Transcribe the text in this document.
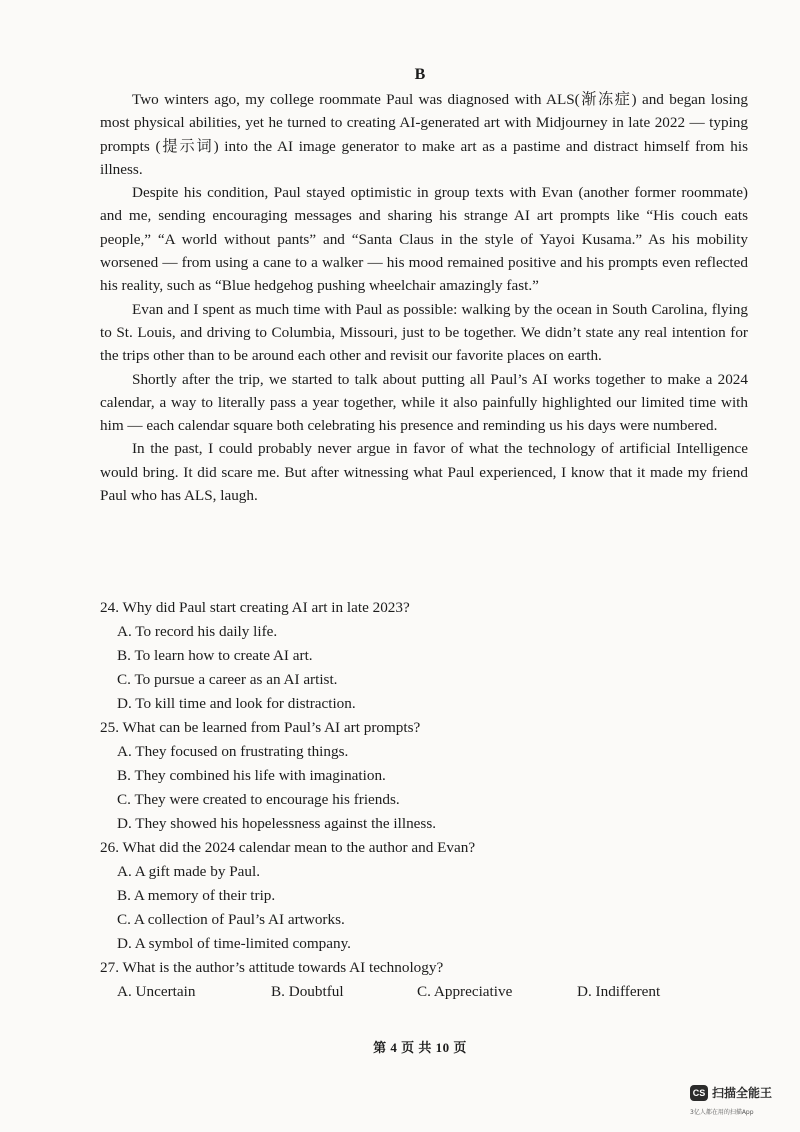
B

Two winters ago, my college roommate Paul was diagnosed with ALS(渐冻症) and began losing most physical abilities, yet he turned to creating AI-generated art with Midjourney in late 2022 — typing prompts (提示词) into the AI image generator to make art as a pastime and distract himself from his illness.

Despite his condition, Paul stayed optimistic in group texts with Evan (another former roommate) and me, sending encouraging messages and sharing his strange AI art prompts like “His couch eats people,” “A world without pants” and “Santa Claus in the style of Yayoi Kusama.” As his mobility worsened — from using a cane to a walker — his mood remained positive and his prompts even reflected his reality, such as “Blue hedgehog pushing wheelchair amazingly fast.”

Evan and I spent as much time with Paul as possible: walking by the ocean in South Carolina, flying to St. Louis, and driving to Columbia, Missouri, just to be together. We didn’t state any real intention for the trips other than to be around each other and revisit our favorite places on earth.

Shortly after the trip, we started to talk about putting all Paul’s AI works together to make a 2024 calendar, a way to literally pass a year together, while it also painfully highlighted our limited time with him — each calendar square both celebrating his presence and reminding us his days were numbered.

In the past, I could probably never argue in favor of what the technology of artificial Intelligence would bring. It did scare me. But after witnessing what Paul experienced, I know that it made my friend Paul who has ALS, laugh.

24. Why did Paul start creating AI art in late 2023?

A. To record his daily life.

B. To learn how to create AI art.

C. To pursue a career as an AI artist.

D. To kill time and look for distraction.

25. What can be learned from Paul’s AI art prompts?

A. They focused on frustrating things.

B. They combined his life with imagination.

C. They were created to encourage his friends.

D. They showed his hopelessness against the illness.

26. What did the 2024 calendar mean to the author and Evan?

A. A gift made by Paul.

B. A memory of their trip.

C. A collection of Paul’s AI artworks.

D. A symbol of time-limited company.

27. What is the author’s attitude towards AI technology?

A. Uncertain	B. Doubtful	C. Appreciative	D. Indifferent
第 4 页 共 10 页
CS 扫描全能王
3亿人都在用的扫描App
